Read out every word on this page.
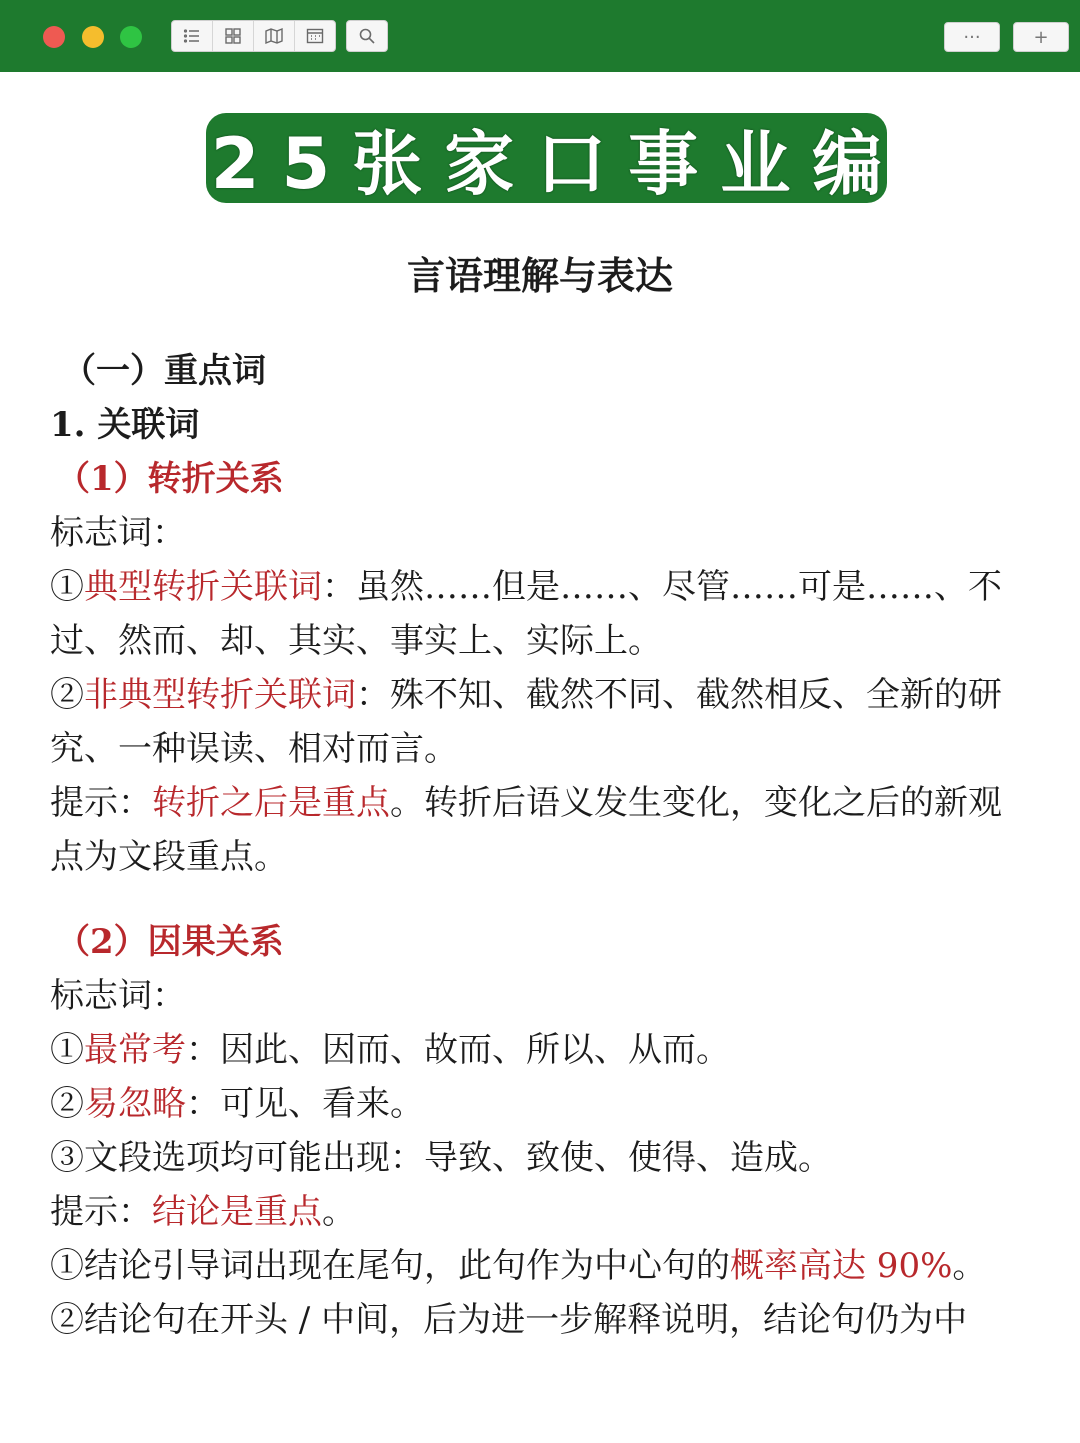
···	+
25张家口事业编
言语理解与表达
（一）重点词
1. 关联词
（1）转折关系
标志词：
①典型转折关联词：虽然……但是……、尽管……可是……、不
过、然而、却、其实、事实上、实际上。
②非典型转折关联词：殊不知、截然不同、截然相反、全新的研
究、一种误读、相对而言。
提示：转折之后是重点。转折后语义发生变化，变化之后的新观
点为文段重点。
（2）因果关系
标志词：
①最常考：因此、因而、故而、所以、从而。
②易忽略：可见、看来。
③文段选项均可能出现：导致、致使、使得、造成。
提示：结论是重点。
①结论引导词出现在尾句，此句作为中心句的概率高达 90%。
②结论句在开头 / 中间，后为进一步解释说明，结论句仍为中
